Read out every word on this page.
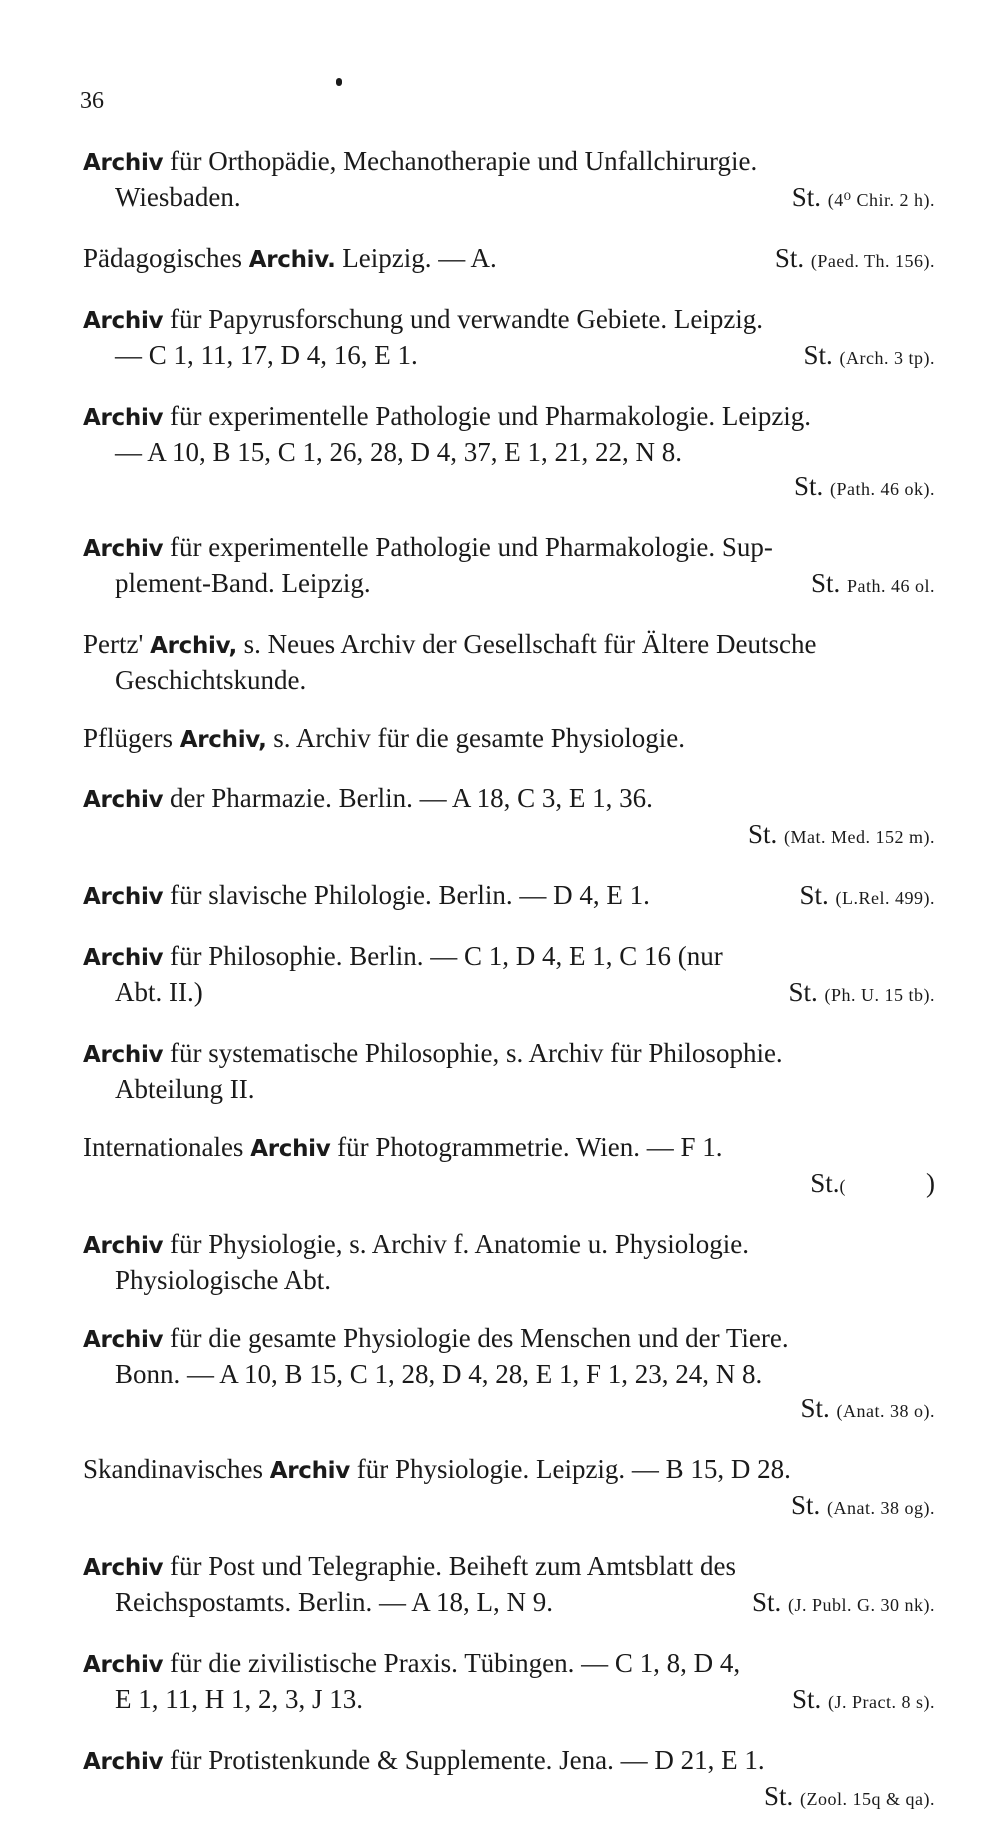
36
Archiv für Orthopädie, Mechanotherapie und Unfallchirurgie.
Wiesbaden.	St. (4⁰ Chir. 2 h).
Pädagogisches Archiv. Leipzig. — A.	St. (Paed. Th. 156).
Archiv für Papyrusforschung und verwandte Gebiete. Leipzig.
— C 1, 11, 17, D 4, 16, E 1.	St. (Arch. 3 tp).
Archiv für experimentelle Pathologie und Pharmakologie. Leipzig.
— A 10, B 15, C 1, 26, 28, D 4, 37, E 1, 21, 22, N 8.
St. (Path. 46 ok).
Archiv für experimentelle Pathologie und Pharmakologie. Sup-
plement-Band. Leipzig.	St. Path. 46 ol.
Pertz' Archiv, s. Neues Archiv der Gesellschaft für Ältere Deutsche
Geschichtskunde.
Pflügers Archiv, s. Archiv für die gesamte Physiologie.
Archiv der Pharmazie. Berlin. — A 18, C 3, E 1, 36.
St. (Mat. Med. 152 m).
Archiv für slavische Philologie. Berlin. — D 4, E 1.	St. (L.Rel. 499).
Archiv für Philosophie. Berlin. — C 1, D 4, E 1, C 16 (nur
Abt. II.)	St. (Ph. U. 15 tb).
Archiv für systematische Philosophie, s. Archiv für Philosophie.
Abteilung II.
Internationales Archiv für Photogrammetrie. Wien. — F 1.
St.(	)
Archiv für Physiologie, s. Archiv f. Anatomie u. Physiologie.
Physiologische Abt.
Archiv für die gesamte Physiologie des Menschen und der Tiere.
Bonn. — A 10, B 15, C 1, 28, D 4, 28, E 1, F 1, 23, 24, N 8.
St. (Anat. 38 o).
Skandinavisches Archiv für Physiologie. Leipzig. — B 15, D 28.
St. (Anat. 38 og).
Archiv für Post und Telegraphie. Beiheft zum Amtsblatt des
Reichspostamts. Berlin. — A 18, L, N 9.	St. (J. Publ. G. 30 nk).
Archiv für die zivilistische Praxis. Tübingen. — C 1, 8, D 4,
E 1, 11, H 1, 2, 3, J 13.	St. (J. Pract. 8 s).
Archiv für Protistenkunde & Supplemente. Jena. — D 21, E 1.
St. (Zool. 15q & qa).
